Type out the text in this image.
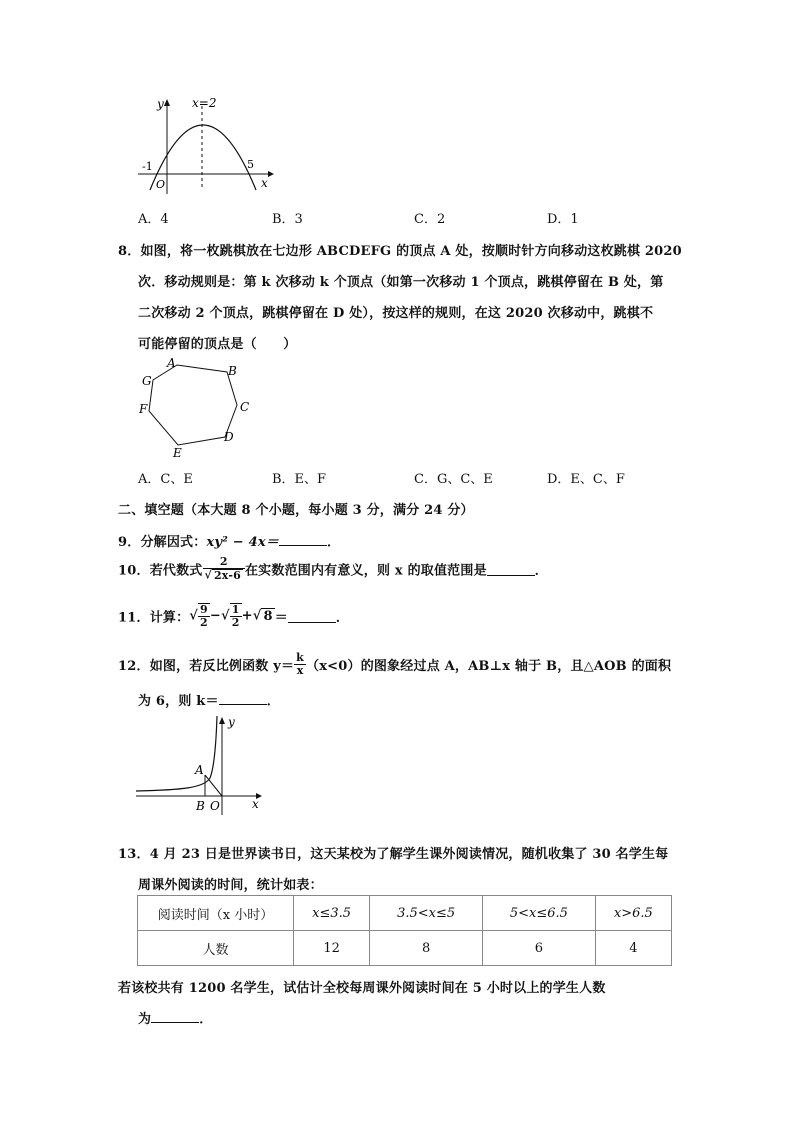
x=2
y
x
O
-1	5
A．4	B．3	C．2	D．1
8．如图，将一枚跳棋放在七边形 ABCDEFG 的顶点 A 处，按顺时针方向移动这枚跳棋 2020
次．移动规则是：第 k 次移动 k 个顶点（如第一次移动 1 个顶点，跳棋停留在 B 处，第
二次移动 2 个顶点，跳棋停留在 D 处），按这样的规则，在这 2020 次移动中，跳棋不
可能停留的顶点是（　　）
A
B
C
D
E
F
G
A．C、E	B．E、F	C．G、C、E	D．E、C、F
二、填空题（本大题 8 个小题，每小题 3 分，满分 24 分）
9．分解因式：xy² − 4x＝	．
10．若代数式 $\frac{2}{√ 2x-6}$ 在实数范围内有意义，则 x 的取值范围是	．
11．计算：√ $\frac{9}{2}$ −√ $\frac{1}{2}$ +√ 8 ＝	．
12．如图，若反比例函数 $y= \frac{k}{x} (x<0)$的图象经过点 A，AB⊥x 轴于 B，且△AOB 的面积
为 6，则 k＝	．
A
B O	x
y
13．4 月 23 日是世界读书日，这天某校为了解学生课外阅读情况，随机收集了 30 名学生每
周课外阅读的时间，统计如表：
阅读时间（x 小时）	x≤3.5	3.5<x≤5	5<x≤6.5	x>6.5
人数	12	8	6	4
若该校共有 1200 名学生，试估计全校每周课外阅读时间在 5 小时以上的学生人数
为	．
